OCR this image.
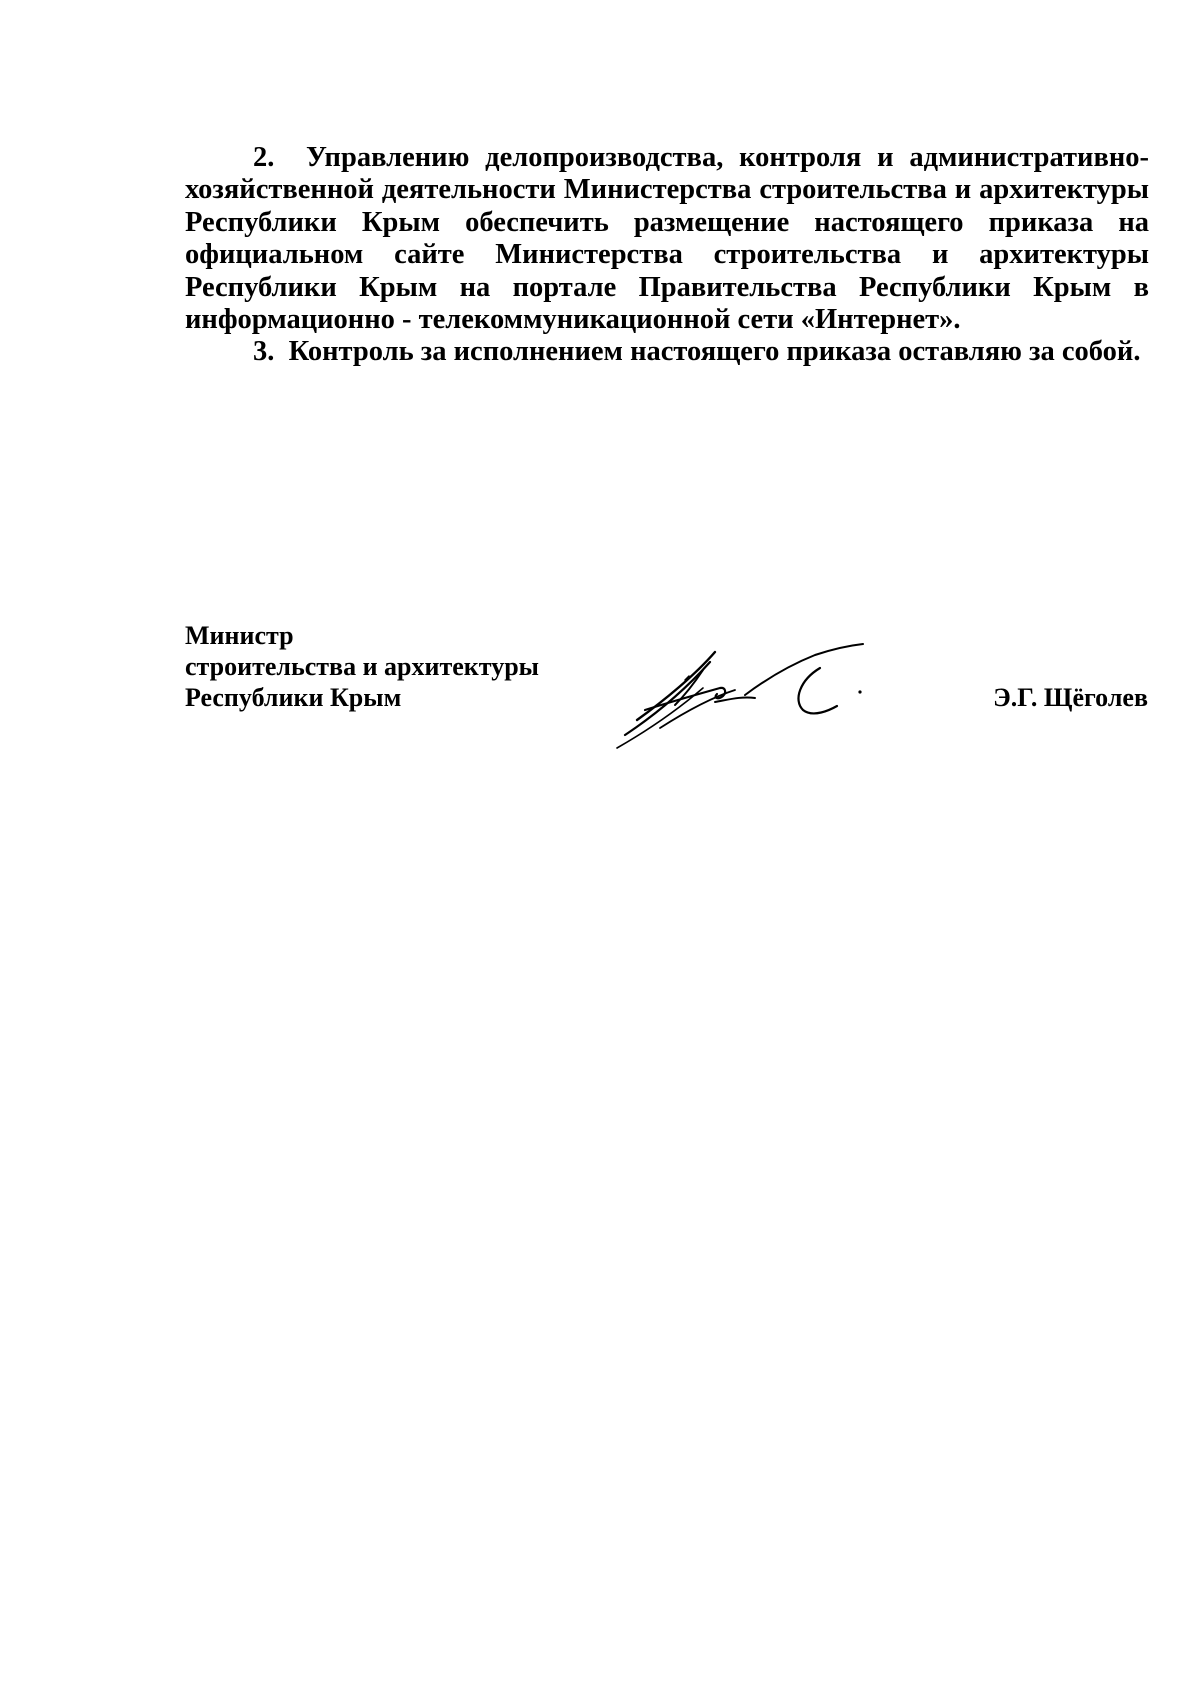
2. Управлению делопроизводства, контроля и административно-хозяйственной деятельности Министерства строительства и архитектуры Республики Крым обеспечить размещение настоящего приказа на официальном сайте Министерства строительства и архитектуры Республики Крым на портале Правительства Республики Крым в информационно - телекоммуникационной сети «Интернет».

3. Контроль за исполнением настоящего приказа оставляю за собой.

Министр
строительства и архитектуры
Республики Крым	Э.Г. Щёголев
